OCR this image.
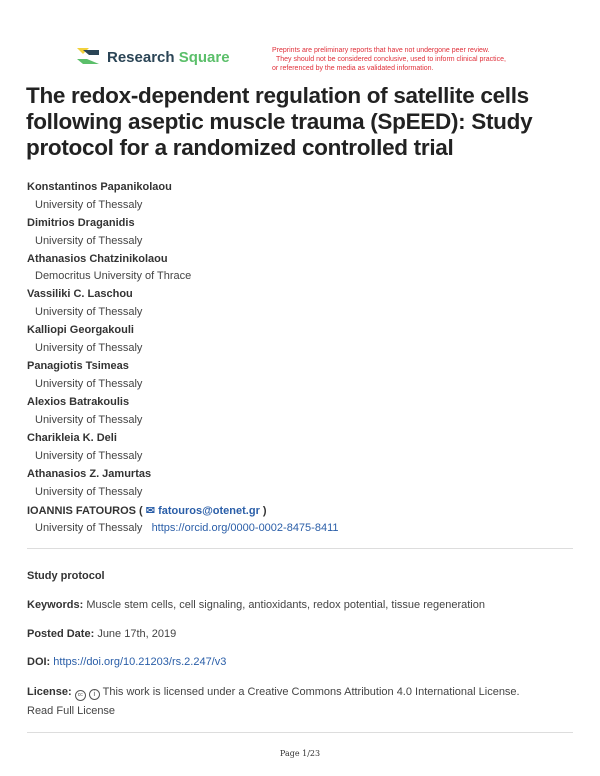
Research Square	Preprints are preliminary reports that have not undergone peer review.
They should not be considered conclusive, used to inform clinical practice,
or referenced by the media as validated information.
The redox-dependent regulation of satellite cells following aseptic muscle trauma (SpEED): Study protocol for a randomized controlled trial
Konstantinos Papanikolaou
University of Thessaly
Dimitrios Draganidis
University of Thessaly
Athanasios Chatzinikolaou
Democritus University of Thrace
Vassiliki C. Laschou
University of Thessaly
Kalliopi Georgakouli
University of Thessaly
Panagiotis Tsimeas
University of Thessaly
Alexios Batrakoulis
University of Thessaly
Charikleia K. Deli
University of Thessaly
Athanasios Z. Jamurtas
University of Thessaly
IOANNIS FATOUROS ( ✉ fatouros@otenet.gr )
University of Thessaly https://orcid.org/0000-0002-8475-8411
Study protocol
Keywords: Muscle stem cells, cell signaling, antioxidants, redox potential, tissue regeneration
Posted Date: June 17th, 2019
DOI: https://doi.org/10.21203/rs.2.247/v3
License: cc i This work is licensed under a Creative Commons Attribution 4.0 International License.
Read Full License
Page 1/23
